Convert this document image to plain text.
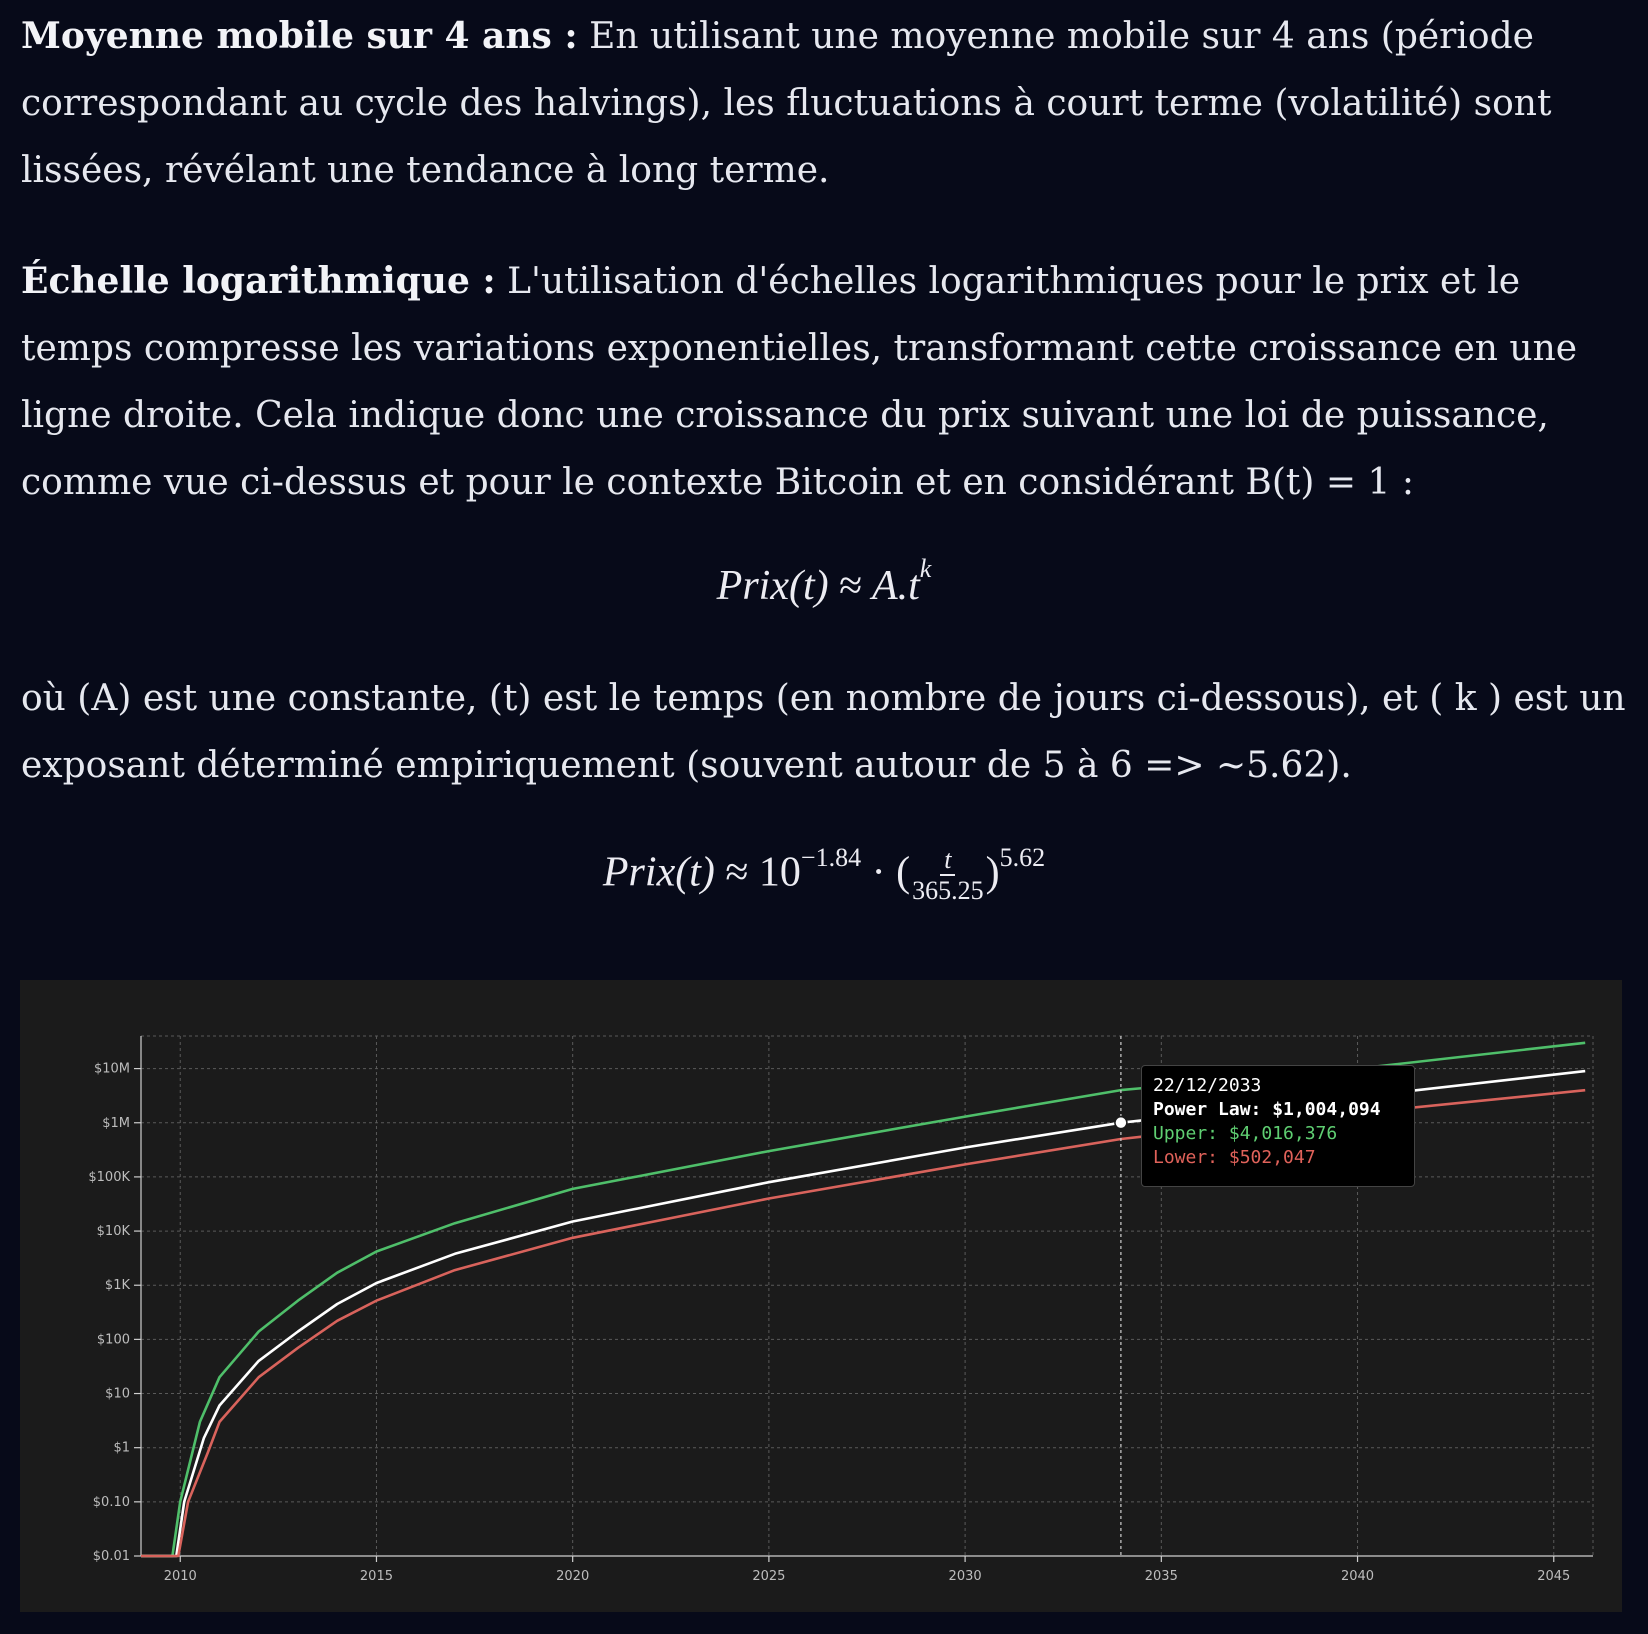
Moyenne mobile sur 4 ans : En utilisant une moyenne mobile sur 4 ans (période correspondant au cycle des halvings), les fluctuations à court terme (volatilité) sont lissées, révélant une tendance à long terme.

Échelle logarithmique : L'utilisation d'échelles logarithmiques pour le prix et le temps compresse les variations exponentielles, transformant cette croissance en une ligne droite. Cela indique donc une croissance du prix suivant une loi de puissance, comme vue ci-dessus et pour le contexte Bitcoin et en considérant B(t) = 1 :

Prix(t) ≈ $A.t^k$

où (A) est une constante, (t) est le temps (en nombre de jours ci-dessous), et ( k ) est un exposant déterminé empiriquement (souvent autour de 5 à 6 => ~5.62).

Prix(t) ≈ $10^{-1.84}$ · ( $\frac{t}{365.25} )^{5.62}$
$10M
$1M
$100K
$10K
$1K
$100
$10
$1
$0.10
$0.01
2010	2015	2020	2025	2030	2035	2040	2045
22/12/2033
Power Law: $1,004,094
Upper: $4,016,376
Lower: $502,047
